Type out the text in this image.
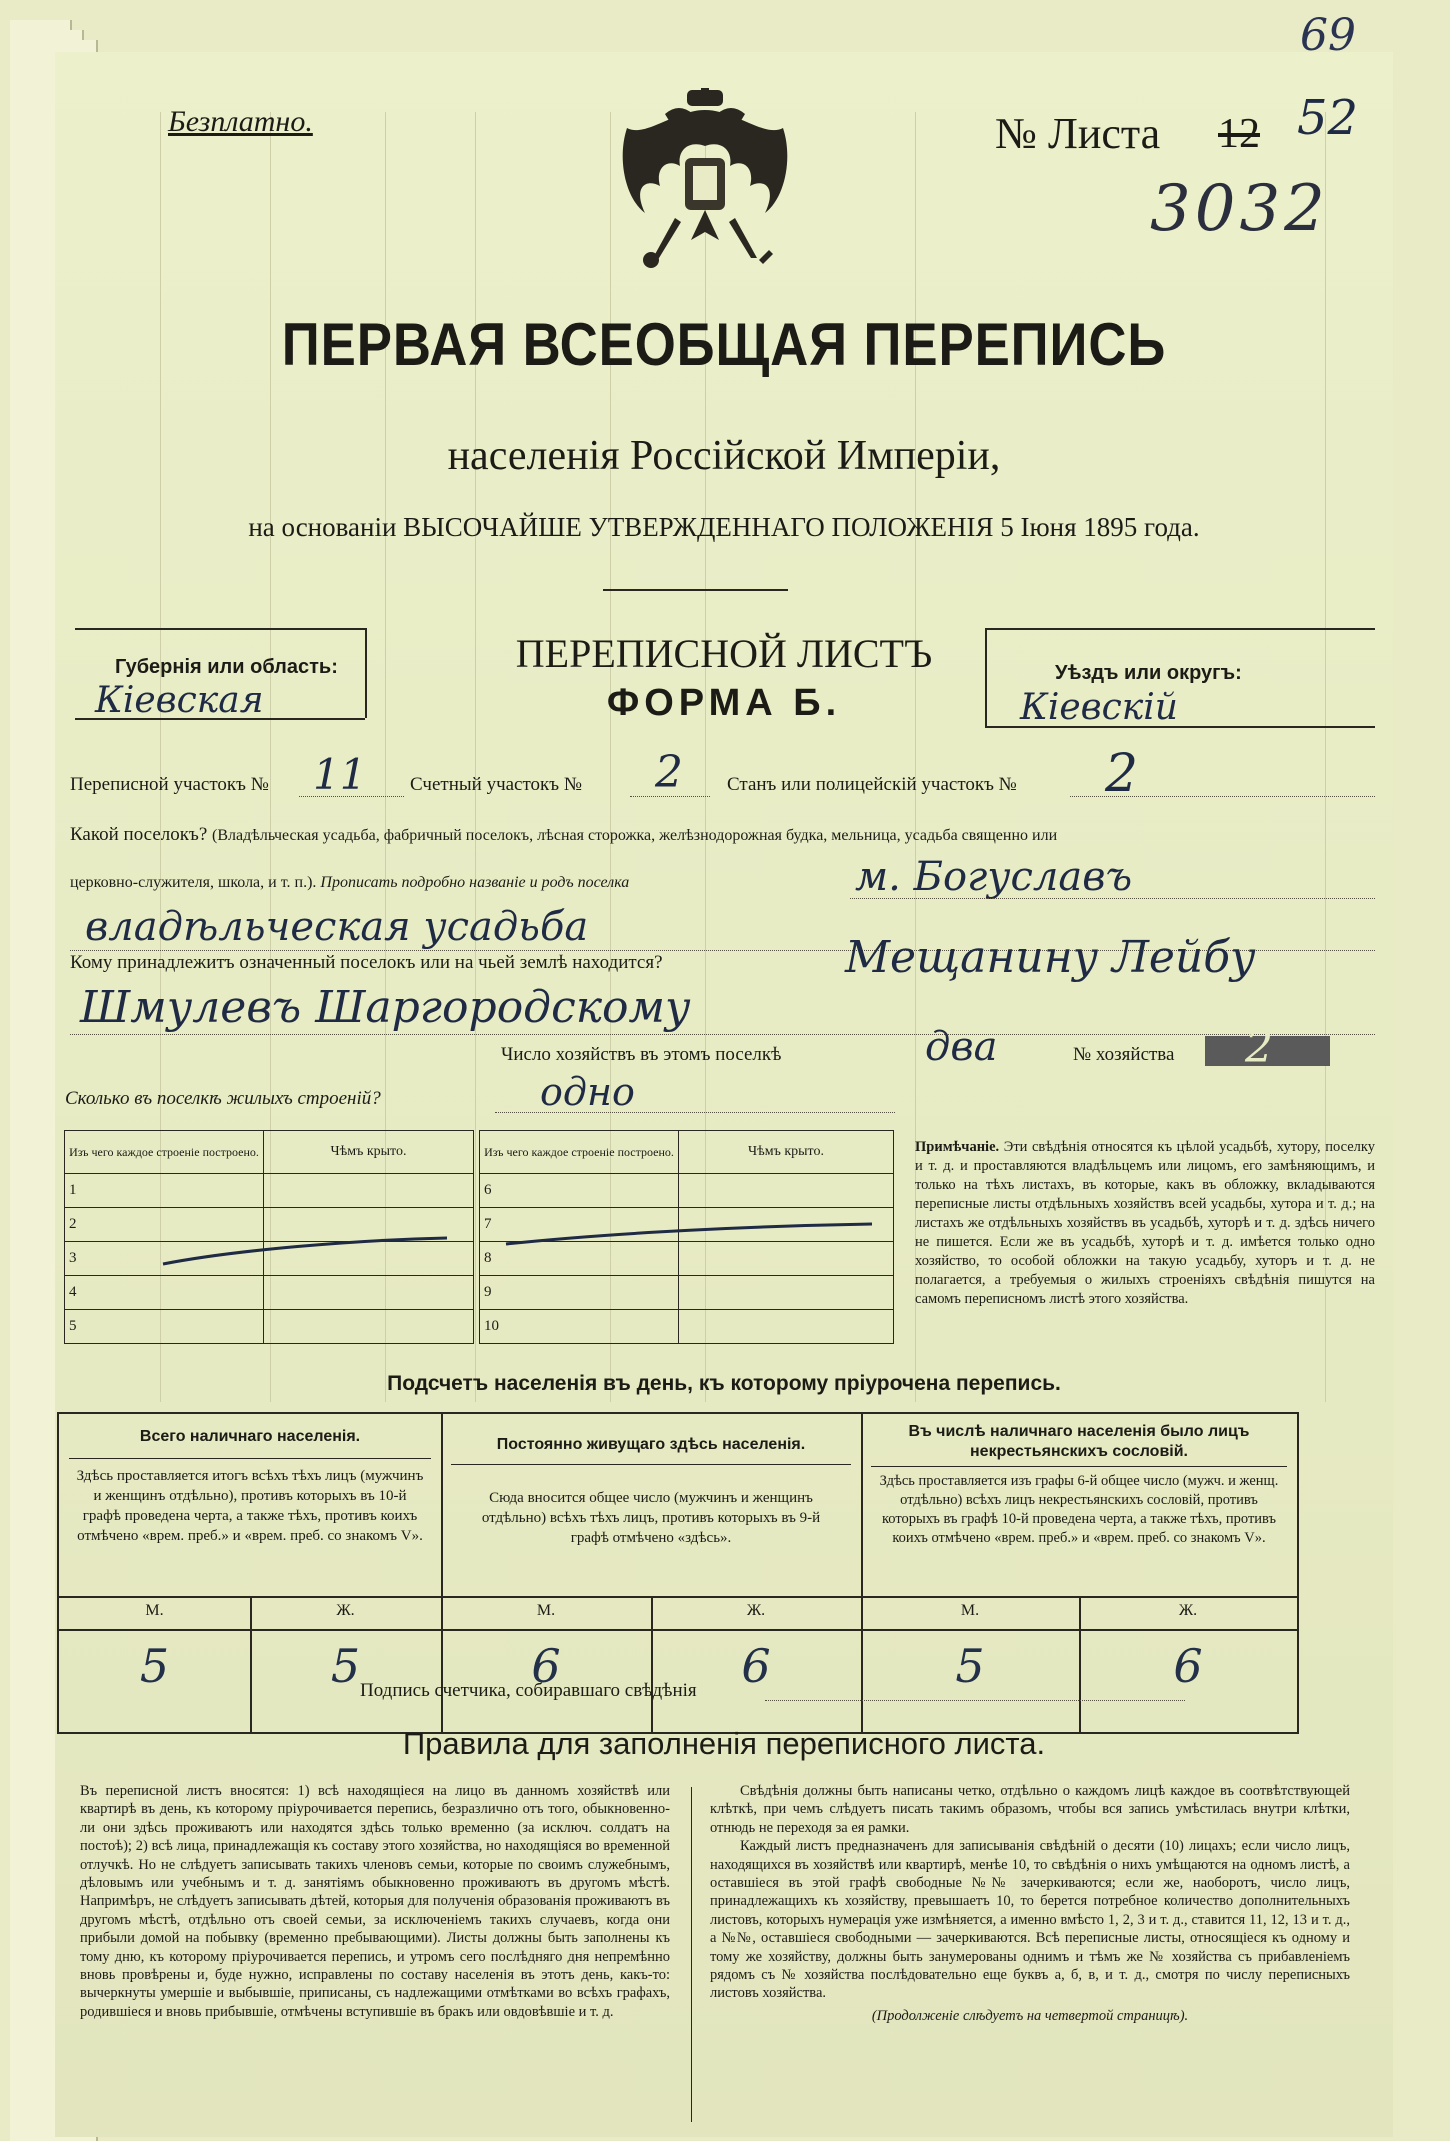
69
№ Листа 12 52
3032
Безплатно.
ПЕРВАЯ ВСЕОБЩАЯ ПЕРЕПИСЬ
населенія Россійской Имперіи,
на основаніи ВЫСОЧАЙШЕ УТВЕРЖДЕННАГО ПОЛОЖЕНІЯ 5 Іюня 1895 года.
Губернія или область:
Кіевская
ПЕРЕПИСНОЙ ЛИСТЪ
ФОРМА Б.
Уѣздъ или округъ:
Кіевскій
Переписной участокъ № 11 Счетный участокъ № 2 Станъ или полицейскій участокъ № 2
Какой поселокъ? (Владѣльческая усадьба, фабричный поселокъ, лѣсная сторожка, желѣзнодорожная будка, мельница, усадьба священно или
церковно-служителя, школа, и т. п.). Прописать подробно названіе и родъ поселка	м. Богуславъ
владѣльческая усадьба
Кому принадлежитъ означенный поселокъ или на чьей землѣ находится?	Мещанину Лейбу
Шмулевъ Шаргородскому
Число хозяйствъ въ этомъ поселкѣ	два	№ хозяйства 2
Сколько въ поселкѣ жилыхъ строеній?	одно
Изъ чего каждое строеніе построено.	Чѣмъ крыто.
1	
2	
3	
4	
5	
Изъ чего каждое строеніе построено.	Чѣмъ крыто.
6	
7	
8	
9	
10	
Примѣчаніе. Эти свѣдѣнія относятся къ цѣлой усадьбѣ, хутору, поселку и т. д. и проставляются владѣльцемъ или лицомъ, его замѣняющимъ, и только на тѣхъ листахъ, въ которые, какъ въ обложку, вкладываются переписные листы отдѣльныхъ хозяйствъ всей усадьбы, хутора и т. д.; на листахъ же отдѣльныхъ хозяйствъ въ усадьбѣ, хуторѣ и т. д. здѣсь ничего не пишется. Если же въ усадьбѣ, хуторѣ и т. д. имѣется только одно хозяйство, то особой обложки на такую усадьбу, хуторъ и т. д. не полагается, а требуемыя о жилыхъ строеніяхъ свѣдѣнія пишутся на самомъ переписномъ листѣ этого хозяйства.
Подсчетъ населенія въ день, къ которому пріурочена перепись.
Всего наличнаго населенія.
Здѣсь проставляется итогъ всѣхъ тѣхъ лицъ (мужчинъ и женщинъ отдѣльно), противъ которыхъ въ 10-й графѣ проведена черта, а также тѣхъ, противъ коихъ отмѣчено «врем. преб.» и «врем. преб. со знакомъ V».
Постоянно живущаго здѣсь населенія.
Сюда вносится общее число (мужчинъ и женщинъ отдѣльно) всѣхъ тѣхъ лицъ, противъ которыхъ въ 9-й графѣ отмѣчено «здѣсь».
Въ числѣ наличнаго населенія было лицъ некрестьянскихъ сословій.
Здѣсь проставляется изъ графы 6-й общее число (мужч. и женщ. отдѣльно) всѣхъ лицъ некрестьянскихъ сословій, противъ которыхъ въ графѣ 10-й проведена черта, а также тѣхъ, противъ коихъ отмѣчено «врем. преб.» и «врем. преб. со знакомъ V».
М.	Ж.	М.	Ж.	М.	Ж.
5	5	6	6	5	6
Подпись счетчика, собиравшаго свѣдѣнія
Правила для заполненія переписного листа.
Въ переписной листъ вносятся: 1) всѣ находящіеся на лицо въ данномъ хозяйствѣ или квартирѣ въ день, къ которому пріурочивается перепись, безразлично отъ того, обыкновенно-ли они здѣсь проживаютъ или находятся здѣсь только временно (за исключ. солдатъ на постоѣ); 2) всѣ лица, принадлежащія къ составу этого хозяйства, но находящіяся во временной отлучкѣ. Но не слѣдуетъ записывать такихъ членовъ семьи, которые по своимъ служебнымъ, дѣловымъ или учебнымъ и т. д. занятіямъ обыкновенно проживаютъ въ другомъ мѣстѣ. Напримѣръ, не слѣдуетъ записывать дѣтей, которыя для полученія образованія проживаютъ въ другомъ мѣстѣ, отдѣльно отъ своей семьи, за исключеніемъ такихъ случаевъ, когда они прибыли домой на побывку (временно пребывающими). Листы должны быть заполнены къ тому дню, къ которому пріурочивается перепись, и утромъ сего послѣдняго дня непремѣнно вновь провѣрены и, буде нужно, исправлены по составу населенія въ этотъ день, какъ-то: вычеркнуты умершіе и выбывшіе, приписаны, съ надлежащими отмѣтками во всѣхъ графахъ, родившіеся и вновь прибывшіе, отмѣчены вступившіе въ бракъ или овдовѣвшіе и т. д.
Свѣдѣнія должны быть написаны четко, отдѣльно о каждомъ лицѣ каждое въ соотвѣтствующей клѣткѣ, при чемъ слѣдуетъ писать такимъ образомъ, чтобы вся запись умѣстилась внутри клѣтки, отнюдь не переходя за ея рамки.
Каждый листъ предназначенъ для записыванія свѣдѣній о десяти (10) лицахъ; если число лицъ, находящихся въ хозяйствѣ или квартирѣ, менѣе 10, то свѣдѣнія о нихъ умѣщаются на одномъ листѣ, а оставшіеся въ этой графѣ свободные №№ зачеркиваются; если же, наоборотъ, число лицъ, принадлежащихъ къ хозяйству, превышаетъ 10, то берется потребное количество дополнительныхъ листовъ, которыхъ нумерація уже измѣняется, а именно вмѣсто 1, 2, 3 и т. д., ставится 11, 12, 13 и т. д., а №№, оставшіеся свободными — зачеркиваются. Всѣ переписные листы, относящіеся къ одному и тому же хозяйству, должны быть занумерованы однимъ и тѣмъ же № хозяйства съ прибавленіемъ рядомъ съ № хозяйства послѣдовательно еще буквъ а, б, в, и т. д., смотря по числу переписныхъ листовъ хозяйства.
(Продолженіе слѣдуетъ на четвертой страницѣ).
